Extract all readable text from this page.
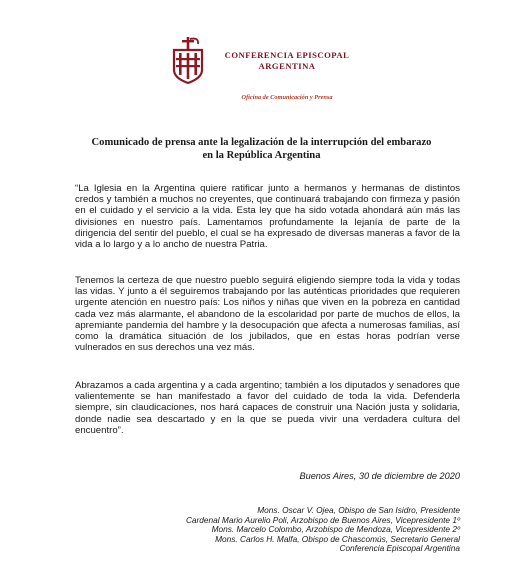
CONFERENCIA EPISCOPAL
ARGENTINA
Oficina de Comunicación y Prensa
Comunicado de prensa ante la legalización de la interrupción del embarazo
en la República Argentina
“La Iglesia en la Argentina quiere ratificar junto a hermanos y hermanas de distintos credos y también a muchos no creyentes, que continuará trabajando con firmeza y pasión en el cuidado y el servicio a la vida. Esta ley que ha sido votada ahondará aún más las divisiones en nuestro país. Lamentamos profundamente la lejanía de parte de la dirigencia del sentir del pueblo, el cual se ha expresado de diversas maneras a favor de la vida a lo largo y a lo ancho de nuestra Patria.
Tenemos la certeza de que nuestro pueblo seguirá eligiendo siempre toda la vida y todas las vidas. Y junto a él seguiremos trabajando por las auténticas prioridades que requieren urgente atención en nuestro país: Los niños y niñas que viven en la pobreza en cantidad cada vez más alarmante, el abandono de la escolaridad por parte de muchos de ellos, la apremiante pandemia del hambre y la desocupación que afecta a numerosas familias, así como la dramática situación de los jubilados, que en estas horas podrían verse vulnerados en sus derechos una vez más.
Abrazamos a cada argentina y a cada argentino; también a los diputados y senadores que valientemente se han manifestado a favor del cuidado de toda la vida. Defenderla siempre, sin claudicaciones, nos hará capaces de construir una Nación justa y solidaria, donde nadie sea descartado y en la que se pueda vivir una verdadera cultura del encuentro”.
Buenos Aires, 30 de diciembre de 2020
Mons. Oscar V. Ojea, Obispo de San Isidro, Presidente
Cardenal Mario Aurelio Poli, Arzobispo de Buenos Aires, Vicepresidente 1º
Mons. Marcelo Colombo, Arzobispo de Mendoza, Vicepresidente 2º
Mons. Carlos H. Malfa, Obispo de Chascomús, Secretario General
Conferencia Episcopal Argentina
